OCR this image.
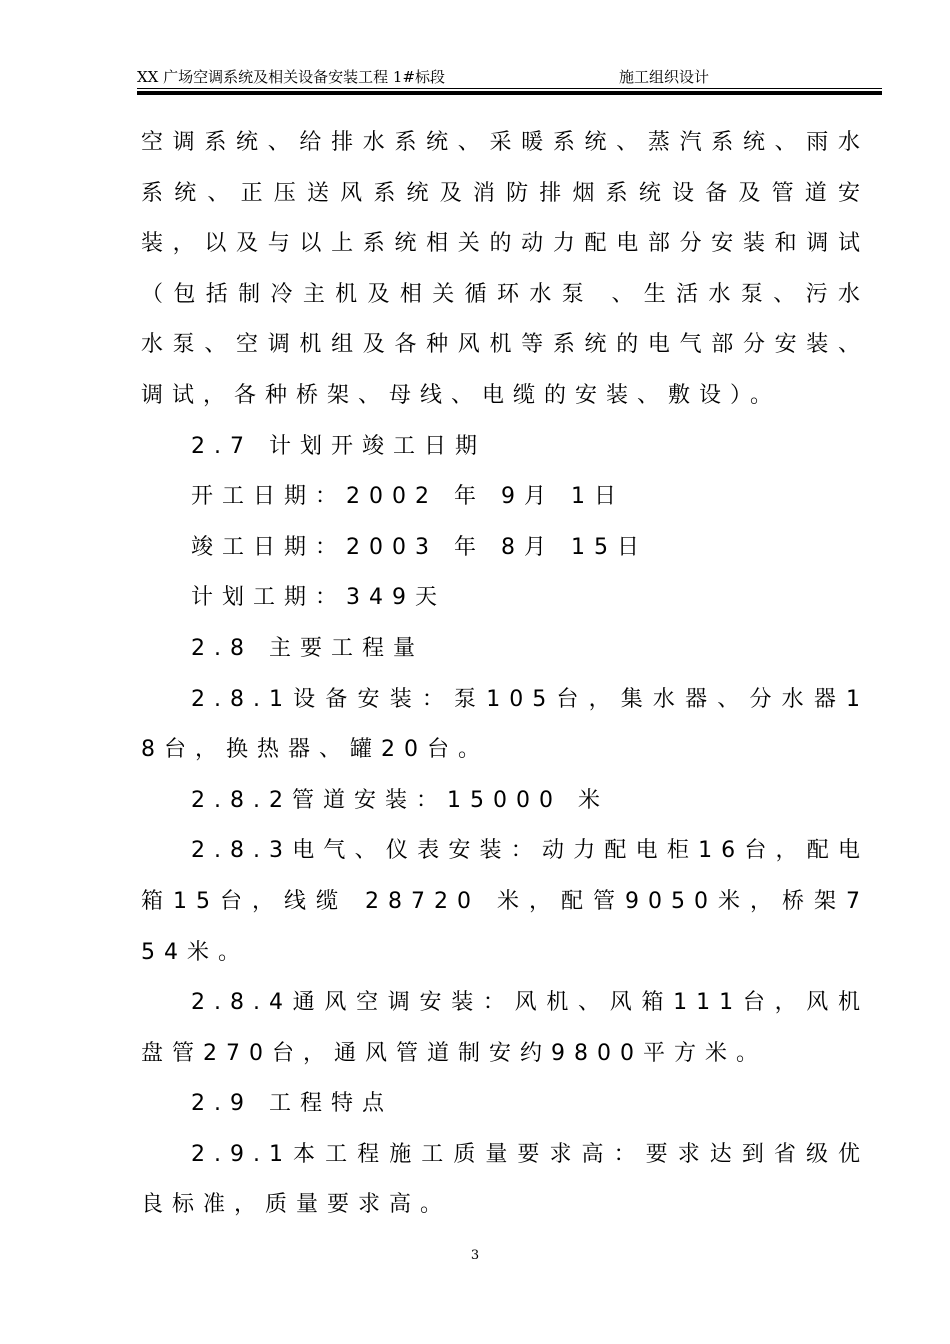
XX 广场空调系统及相关设备安装工程 1#标段	施工组织设计

空调系统、给排水系统、采暖系统、蒸汽系统、雨水系统、正压送风系统及消防排烟系统设备及管道安装，以及与以上系统相关的动力配电部分安装和调试（包括制冷主机及相关循环水泵 、生活水泵、污水水泵、空调机组及各种风机等系统的电气部分安装、调试，各种桥架、母线、电缆的安装、敷设）。

2.7 计划开竣工日期

开工日期：2002 年 9月 1日

竣工日期：2003 年 8月 15日

计划工期：349天

2.8 主要工程量

2.8.1设备安装：泵105台，集水器、分水器18台，换热器、罐20台。

2.8.2管道安装：15000 米

2.8.3电气、仪表安装：动力配电柜16台，配电箱15台，线缆 28720 米，配管9050米，桥架754米。

2.8.4通风空调安装：风机、风箱111台，风机盘管270台，通风管道制安约9800平方米。

2.9 工程特点

2.9.1本工程施工质量要求高：要求达到省级优良标准，质量要求高。

3
